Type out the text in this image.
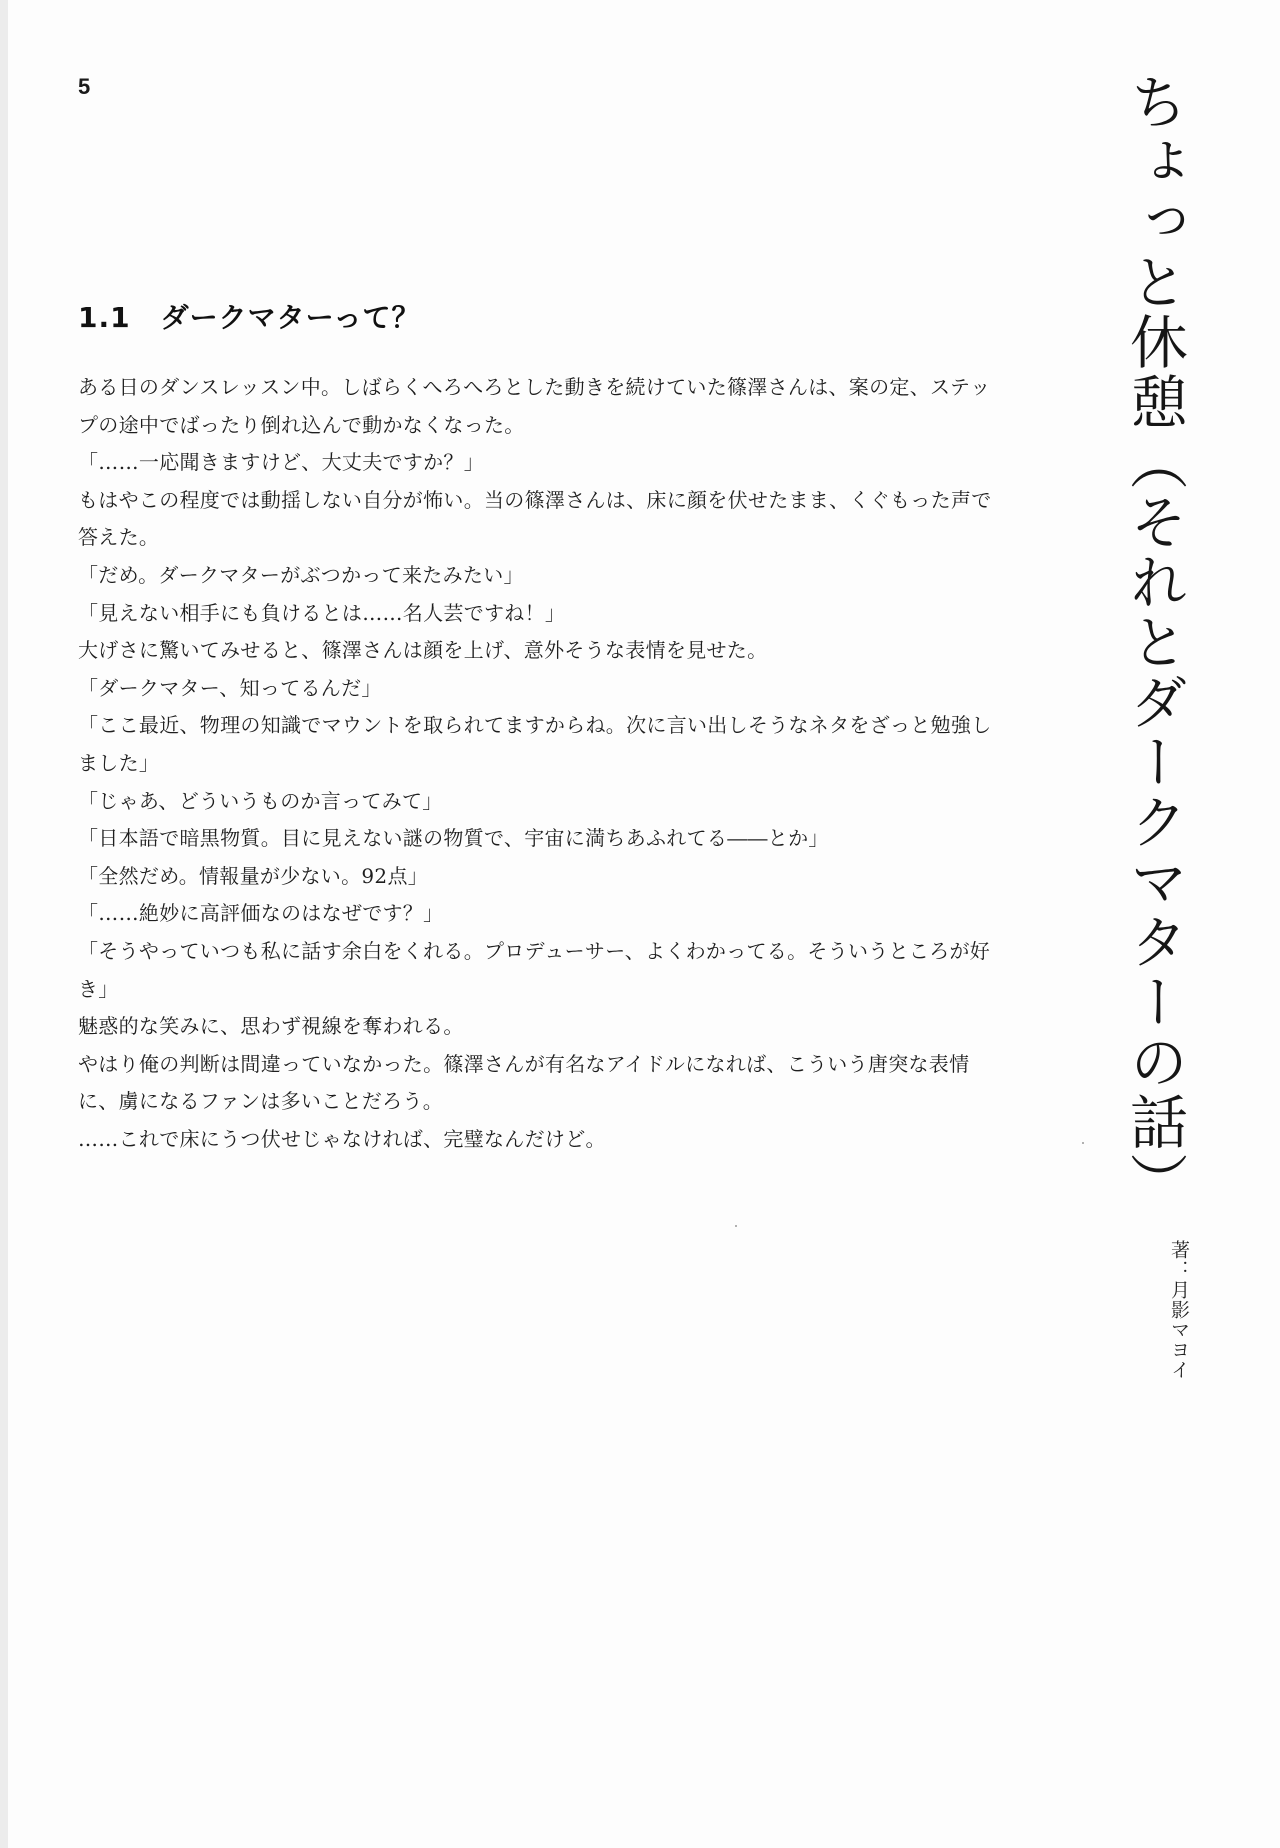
5
1.1 ダークマターって？

ある日のダンスレッスン中。しばらくへろへろとした動きを続けていた篠澤さんは、案の定、ステップの途中でばったり倒れ込んで動かなくなった。

「……一応聞きますけど、大丈夫ですか？」

もはやこの程度では動揺しない自分が怖い。当の篠澤さんは、床に顔を伏せたまま、くぐもった声で答えた。

「だめ。ダークマターがぶつかって来たみたい」

「見えない相手にも負けるとは……名人芸ですね！」

大げさに驚いてみせると、篠澤さんは顔を上げ、意外そうな表情を見せた。

「ダークマター、知ってるんだ」

「ここ最近、物理の知識でマウントを取られてますからね。次に言い出しそうなネタをざっと勉強しました」

「じゃあ、どういうものか言ってみて」

「日本語で暗黒物質。目に見えない謎の物質で、宇宙に満ちあふれてる――とか」

「全然だめ。情報量が少ない。92点」

「……絶妙に高評価なのはなぜです？」

「そうやっていつも私に話す余白をくれる。プロデューサー、よくわかってる。そういうところが好き」

魅惑的な笑みに、思わず視線を奪われる。

やはり俺の判断は間違っていなかった。篠澤さんが有名なアイドルになれば、こういう唐突な表情に、虜になるファンは多いことだろう。

……これで床にうつ伏せじゃなければ、完璧なんだけど。	ちょっと休憩（それとダークマターの話）
著：月影マヨイ
